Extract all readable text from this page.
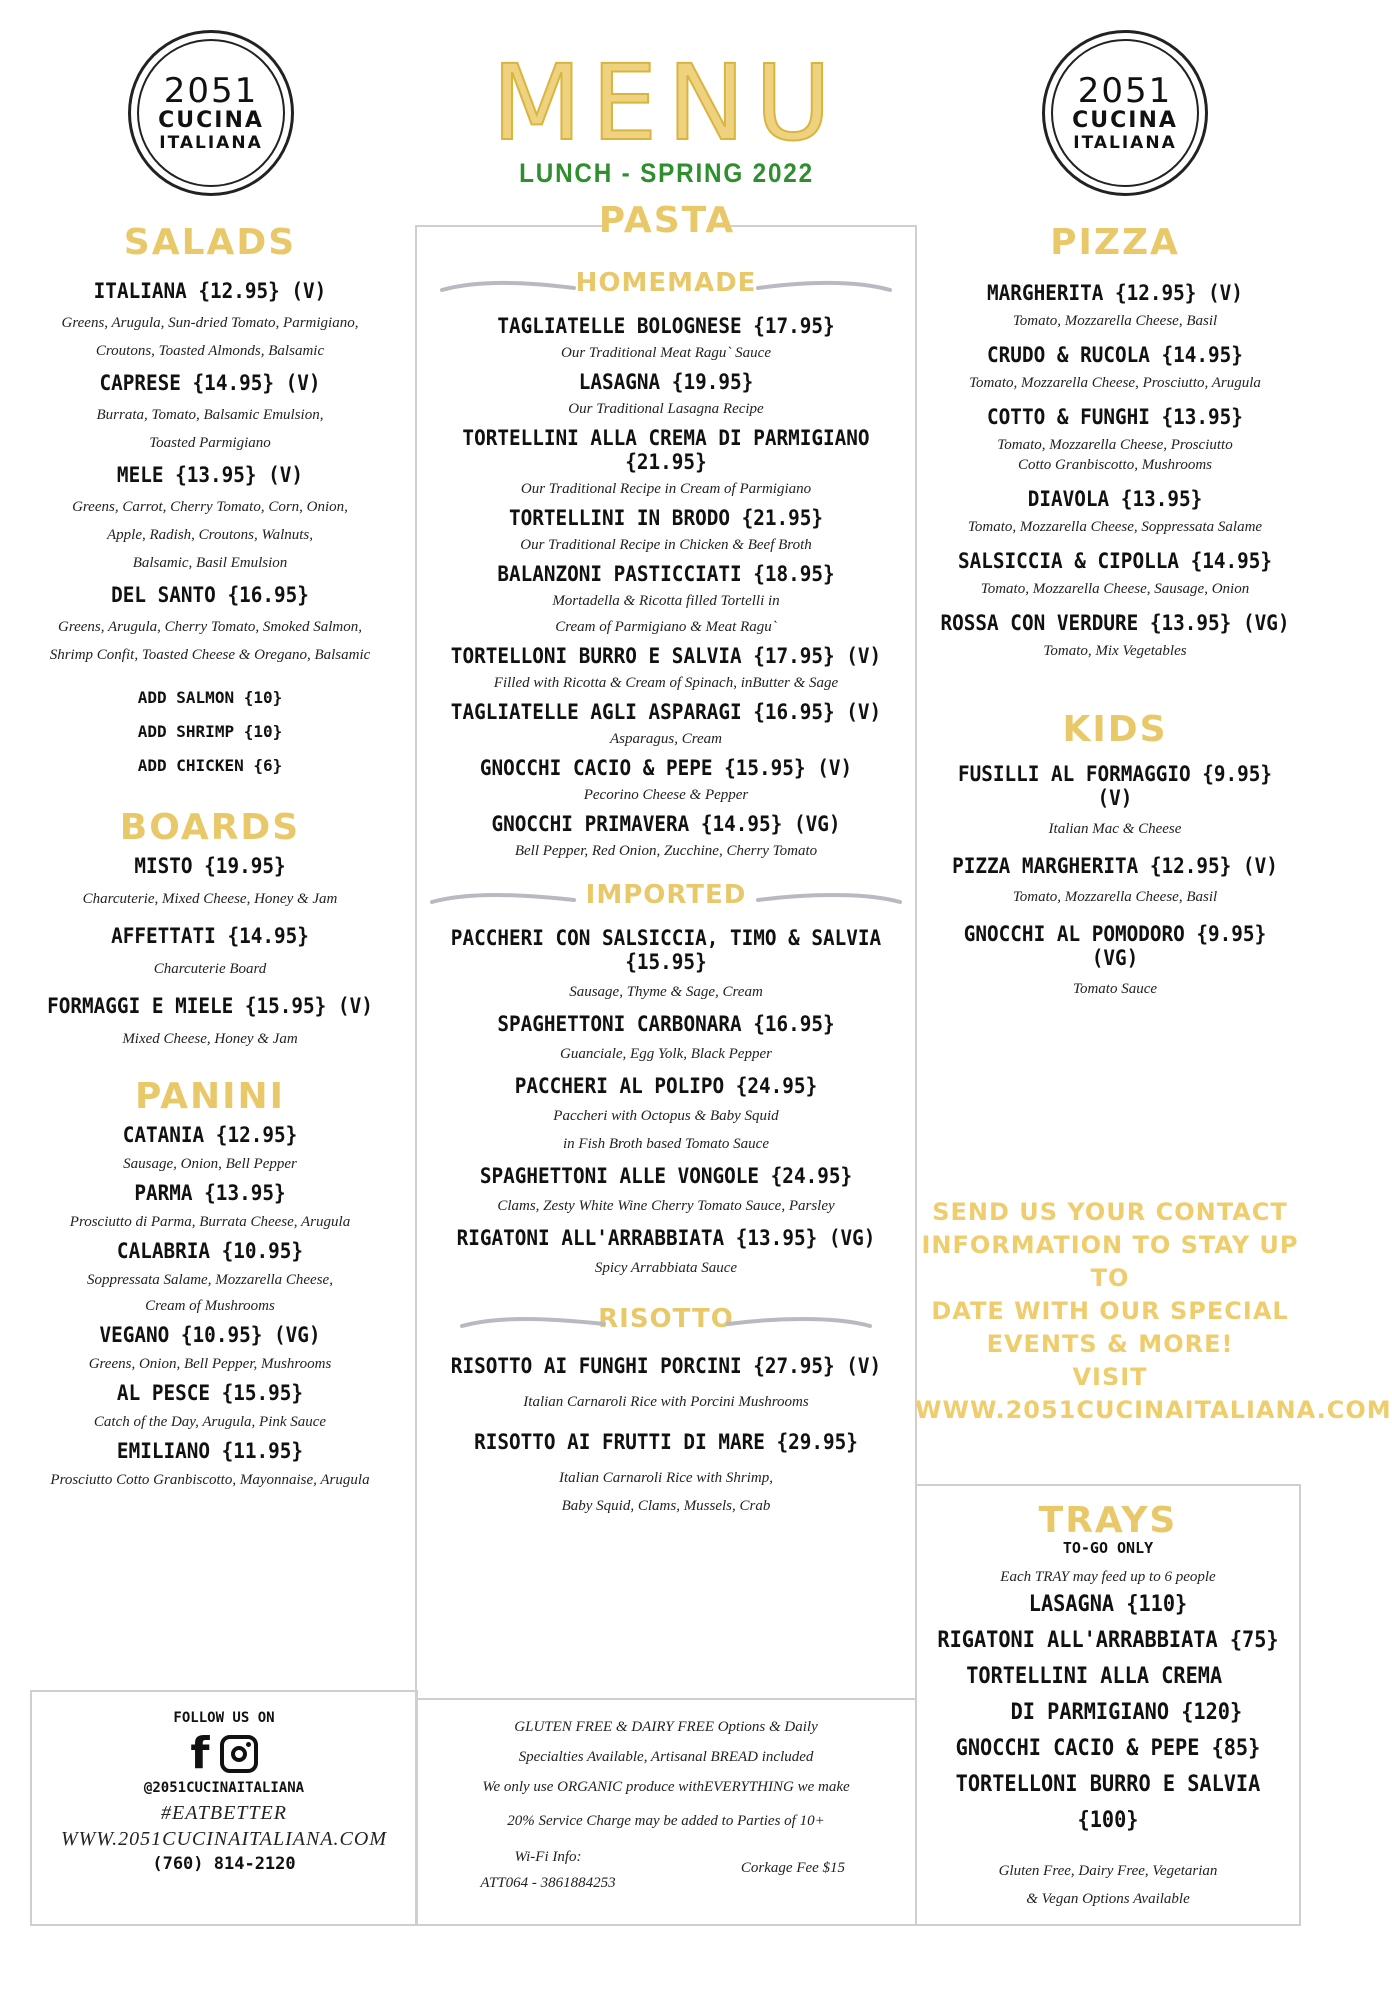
2051
CUCINA
ITALIANA
2051
CUCINA
ITALIANA
MENU
LUNCH - SPRING 2022
PASTA
SALADS
ITALIANA {12.95} (V)
Greens, Arugula, Sun-dried Tomato, Parmigiano,
Croutons, Toasted Almonds, Balsamic
CAPRESE {14.95} (V)
Burrata, Tomato, Balsamic Emulsion,
Toasted Parmigiano
MELE {13.95} (V)
Greens, Carrot, Cherry Tomato, Corn, Onion,
Apple, Radish, Croutons, Walnuts,
Balsamic, Basil Emulsion
DEL SANTO {16.95}
Greens, Arugula, Cherry Tomato, Smoked Salmon,
Shrimp Confit, Toasted Cheese & Oregano, Balsamic
ADD SALMON {10}
ADD SHRIMP {10}
ADD CHICKEN {6}
BOARDS
MISTO {19.95}
Charcuterie, Mixed Cheese, Honey & Jam
AFFETTATI {14.95}
Charcuterie Board
FORMAGGI E MIELE {15.95} (V)
Mixed Cheese, Honey & Jam
PANINI
CATANIA {12.95}
Sausage, Onion, Bell Pepper
PARMA {13.95}
Prosciutto di Parma, Burrata Cheese, Arugula
CALABRIA {10.95}
Soppressata Salame, Mozzarella Cheese,
Cream of Mushrooms
VEGANO {10.95} (VG)
Greens, Onion, Bell Pepper, Mushrooms
AL PESCE {15.95}
Catch of the Day, Arugula, Pink Sauce
EMILIANO {11.95}
Prosciutto Cotto Granbiscotto, Mayonnaise, Arugula
FOLLOW US ON
f
@2051CUCINAITALIANA
#EATBETTER
WWW.2051CUCINAITALIANA.COM
(760) 814-2120
HOMEMADE
TAGLIATELLE BOLOGNESE {17.95}
Our Traditional Meat Ragu` Sauce
LASAGNA {19.95}
Our Traditional Lasagna Recipe
TORTELLINI ALLA CREMA DI PARMIGIANO {21.95}
Our Traditional Recipe in Cream of Parmigiano
TORTELLINI IN BRODO {21.95}
Our Traditional Recipe in Chicken & Beef Broth
BALANZONI PASTICCIATI {18.95}
Mortadella & Ricotta filled Tortelli in
Cream of Parmigiano & Meat Ragu`
TORTELLONI BURRO E SALVIA {17.95} (V)
Filled with Ricotta & Cream of Spinach, inButter & Sage
TAGLIATELLE AGLI ASPARAGI {16.95} (V)
Asparagus, Cream
GNOCCHI CACIO & PEPE {15.95} (V)
Pecorino Cheese & Pepper
GNOCCHI PRIMAVERA {14.95} (VG)
Bell Pepper, Red Onion, Zucchine, Cherry Tomato
IMPORTED
PACCHERI CON SALSICCIA, TIMO & SALVIA {15.95}
Sausage, Thyme & Sage, Cream
SPAGHETTONI CARBONARA {16.95}
Guanciale, Egg Yolk, Black Pepper
PACCHERI AL POLIPO {24.95}
Paccheri with Octopus & Baby Squid
in Fish Broth based Tomato Sauce
SPAGHETTONI ALLE VONGOLE {24.95}
Clams, Zesty White Wine Cherry Tomato Sauce, Parsley
RIGATONI ALL'ARRABBIATA {13.95} (VG)
Spicy Arrabbiata Sauce
RISOTTO
RISOTTO AI FUNGHI PORCINI {27.95} (V)
Italian Carnaroli Rice with Porcini Mushrooms
RISOTTO AI FRUTTI DI MARE {29.95}
Italian Carnaroli Rice with Shrimp,
Baby Squid, Clams, Mussels, Crab
GLUTEN FREE & DAIRY FREE Options & Daily
Specialties Available, Artisanal BREAD included
We only use ORGANIC produce withEVERYTHING we make
20% Service Charge may be added to Parties of 10+
Wi-Fi Info:
ATT064 - 3861884253
Corkage Fee $15
PIZZA
MARGHERITA {12.95} (V)
Tomato, Mozzarella Cheese, Basil
CRUDO & RUCOLA {14.95}
Tomato, Mozzarella Cheese, Prosciutto, Arugula
COTTO & FUNGHI {13.95}
Tomato, Mozzarella Cheese, Prosciutto
Cotto Granbiscotto, Mushrooms
DIAVOLA {13.95}
Tomato, Mozzarella Cheese, Soppressata Salame
SALSICCIA & CIPOLLA {14.95}
Tomato, Mozzarella Cheese, Sausage, Onion
ROSSA CON VERDURE {13.95} (VG)
Tomato, Mix Vegetables
KIDS
FUSILLI AL FORMAGGIO {9.95} (V)
Italian Mac & Cheese
PIZZA MARGHERITA {12.95} (V)
Tomato, Mozzarella Cheese, Basil
GNOCCHI AL POMODORO {9.95} (VG)
Tomato Sauce
SEND US YOUR CONTACT
INFORMATION TO STAY UP TO
DATE WITH OUR SPECIAL
EVENTS & MORE!
VISIT
WWW.2051CUCINAITALIANA.COM
TRAYS
TO-GO ONLY
Each TRAY may feed up to 6 people
LASAGNA {110}
RIGATONI ALL'ARRABBIATA {75}
TORTELLINI ALLA CREMA
DI PARMIGIANO {120}
GNOCCHI CACIO & PEPE {85}
TORTELLONI BURRO E SALVIA {100}
Gluten Free, Dairy Free, Vegetarian
& Vegan Options Available
